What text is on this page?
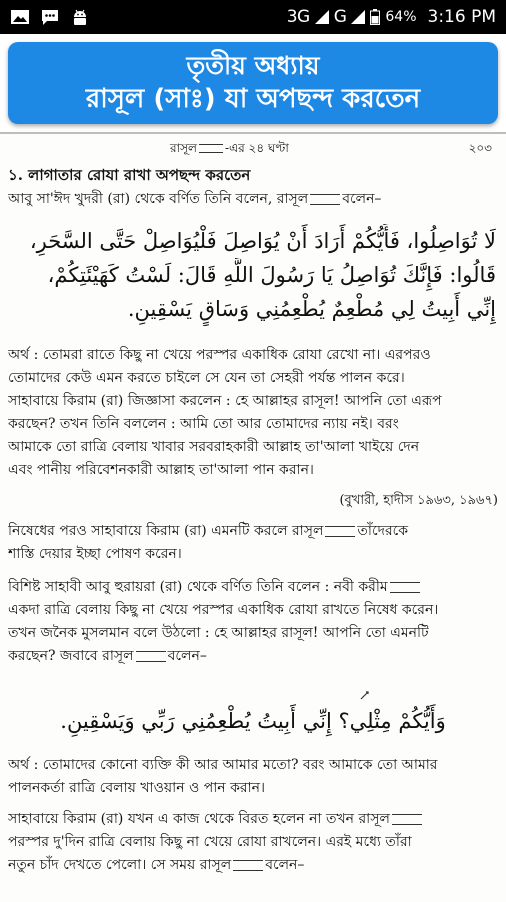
3G G	64% 3:16 PM
তৃতীয় অধ্যায়
রাসূল (সাঃ) যা অপছন্দ করতেন
রাসূল -এর ২৪ ঘণ্টা	২০৩
১. লাগাতার রোযা রাখা অপছন্দ করতেন
আবু সা'ঈদ খুদরী (রা) থেকে বর্ণিত তিনি বলেন, রাসূল বলেন–
لَا تُوَاصِلُوا، فَأَيُّكُمْ أَرَادَ أَنْ يُوَاصِلَ فَلْيُوَاصِلْ حَتَّى السَّحَرِ،
قَالُوا: فَإِنَّكَ تُوَاصِلُ يَا رَسُولَ اللَّهِ قَالَ: لَسْتُ كَهَيْئَتِكُمْ،
إِنِّي أَبِيتُ لِي مُطْعِمٌ يُطْعِمُنِي وَسَاقٍ يَسْقِينِ.
অর্থ : তোমরা রাতে কিছু না খেয়ে পরস্পর একাধিক রোযা রেখো না। এরপরও
তোমাদের কেউ এমন করতে চাইলে সে যেন তা সেহরী পর্যন্ত পালন করে।
সাহাবায়ে কিরাম (রা) জিজ্ঞাসা করলেন : হে আল্লাহর রাসূল! আপনি তো এরূপ
করছেন? তখন তিনি বললেন : আমি তো আর তোমাদের ন্যায় নই। বরং
আমাকে তো রাত্রি বেলায় খাবার সরবরাহকারী আল্লাহ তা'আলা খাইয়ে দেন
এবং পানীয় পরিবেশনকারী আল্লাহ তা'আলা পান করান।
(বুখারী, হাদীস ১৯৬৩, ১৯৬৭)
নিষেধের পরও সাহাবায়ে কিরাম (রা) এমনটি করলে রাসূল তাঁদেরকে
শাস্তি দেয়ার ইচ্ছা পোষণ করেন।
বিশিষ্ট সাহাবী আবু হুরায়রা (রা) থেকে বর্ণিত তিনি বলেন : নবী করীম
একদা রাত্রি বেলায় কিছু না খেয়ে পরস্পর একাধিক রোযা রাখতে নিষেধ করেন।
তখন জনৈক মুসলমান বলে উঠলো : হে আল্লাহর রাসূল! আপনি তো এমনটি
করছেন? জবাবে রাসূল বলেন–
وَأَيُّكُمْ مِثْلِي؟ إِنِّي أَبِيتُ يُطْعِمُنِي رَبِّي وَيَسْقِينِ.
অর্থ : তোমাদের কোনো ব্যক্তি কী আর আমার মতো? বরং আমাকে তো আমার
পালনকর্তা রাত্রি বেলায় খাওয়ান ও পান করান।
সাহাবায়ে কিরাম (রা) যখন এ কাজ থেকে বিরত হলেন না তখন রাসূল
পরস্পর দু'দিন রাত্রি বেলায় কিছু না খেয়ে রোযা রাখলেন। এরই মধ্যে তাঁরা
নতুন চাঁদ দেখতে পেলো। সে সময় রাসূল বলেন–
